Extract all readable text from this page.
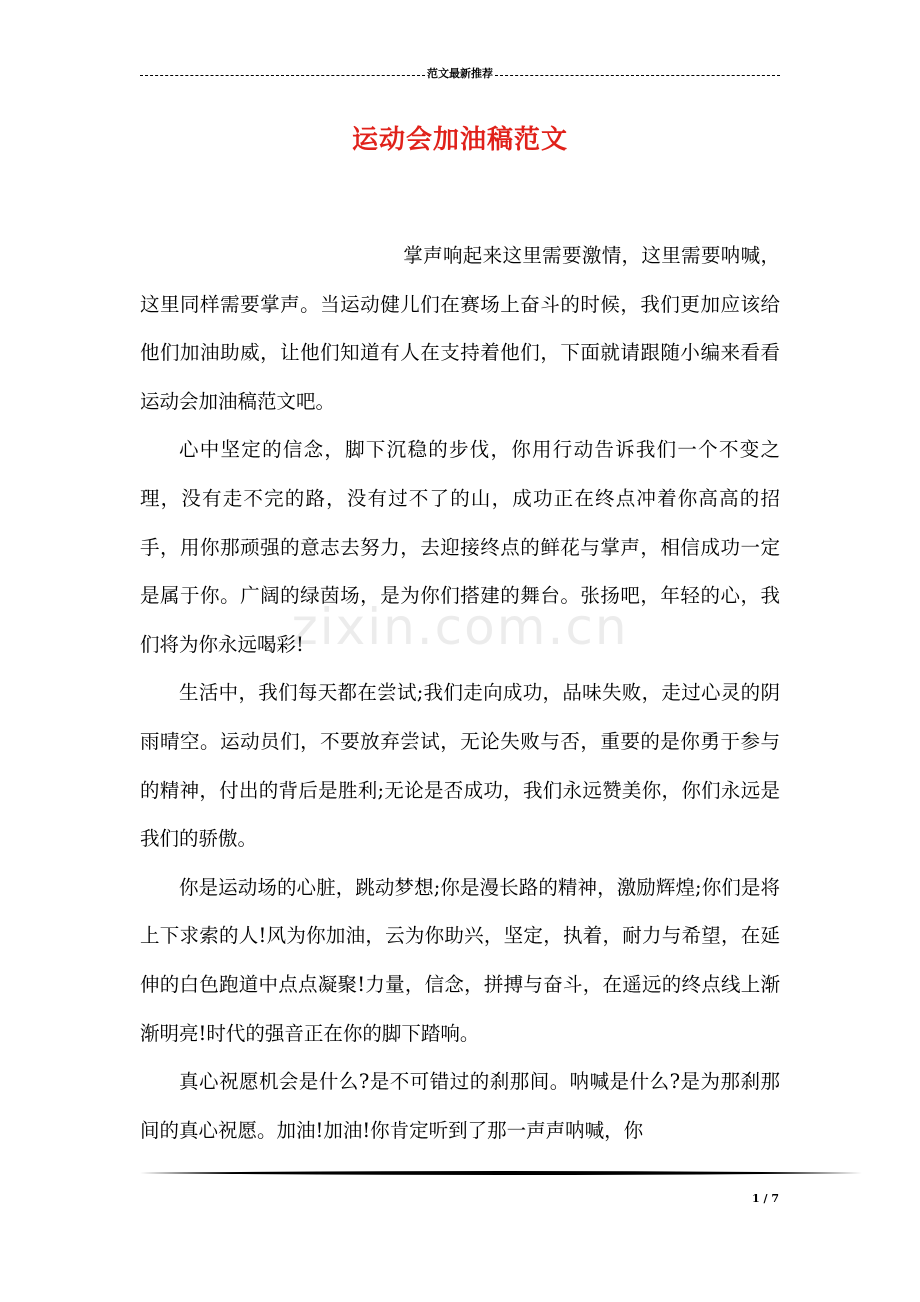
范文最新推荐
运动会加油稿范文

掌声响起来这里需要激情，这里需要呐喊，这里同样需要掌声。当运动健儿们在赛场上奋斗的时候，我们更加应该给他们加油助威，让他们知道有人在支持着他们，下面就请跟随小编来看看运动会加油稿范文吧。

心中坚定的信念，脚下沉稳的步伐，你用行动告诉我们一个不变之理，没有走不完的路，没有过不了的山，成功正在终点冲着你高高的招手，用你那顽强的意志去努力，去迎接终点的鲜花与掌声，相信成功一定是属于你。广阔的绿茵场，是为你们搭建的舞台。张扬吧，年轻的心，我们将为你永远喝彩!

生活中，我们每天都在尝试;我们走向成功，品味失败，走过心灵的阴雨晴空。运动员们，不要放弃尝试，无论失败与否，重要的是你勇于参与的精神，付出的背后是胜利;无论是否成功，我们永远赞美你，你们永远是我们的骄傲。

你是运动场的心脏，跳动梦想;你是漫长路的精神，激励辉煌;你们是将上下求索的人!风为你加油，云为你助兴，坚定，执着，耐力与希望，在延伸的白色跑道中点点凝聚!力量，信念，拼搏与奋斗，在遥远的终点线上渐渐明亮!时代的强音正在你的脚下踏响。

真心祝愿机会是什么?是不可错过的刹那间。呐喊是什么?是为那刹那间的真心祝愿。加油!加油!你肯定听到了那一声声呐喊，你

zixin.com.cn
1 / 7
